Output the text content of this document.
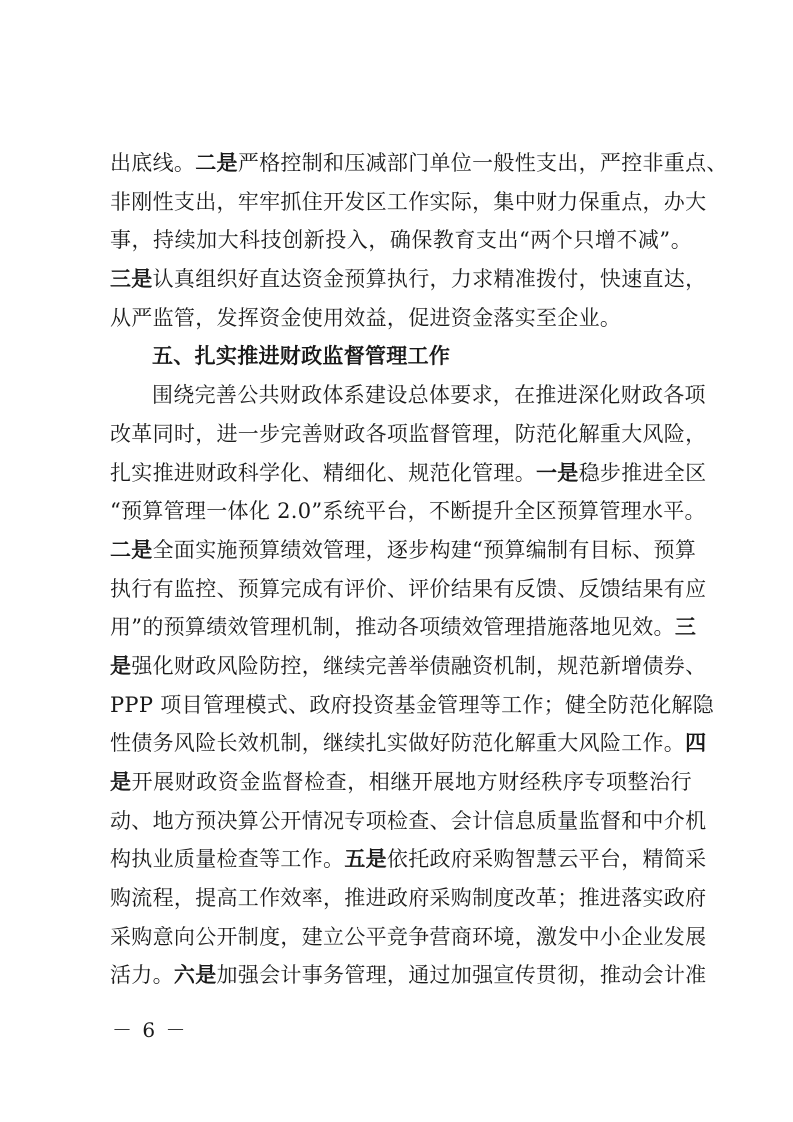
出底线。二是严格控制和压减部门单位一般性支出，严控非重点、
非刚性支出，牢牢抓住开发区工作实际，集中财力保重点，办大
事，持续加大科技创新投入，确保教育支出“两个只增不减”。
三是认真组织好直达资金预算执行，力求精准拨付，快速直达，
从严监管，发挥资金使用效益，促进资金落实至企业。
五、扎实推进财政监督管理工作
围绕完善公共财政体系建设总体要求，在推进深化财政各项
改革同时，进一步完善财政各项监督管理，防范化解重大风险，
扎实推进财政科学化、精细化、规范化管理。一是稳步推进全区
“预算管理一体化 2.0”系统平台，不断提升全区预算管理水平。
二是全面实施预算绩效管理，逐步构建“预算编制有目标、预算
执行有监控、预算完成有评价、评价结果有反馈、反馈结果有应
用”的预算绩效管理机制，推动各项绩效管理措施落地见效。三
是强化财政风险防控，继续完善举债融资机制，规范新增债券、
PPP 项目管理模式、政府投资基金管理等工作；健全防范化解隐
性债务风险长效机制，继续扎实做好防范化解重大风险工作。四
是开展财政资金监督检查，相继开展地方财经秩序专项整治行
动、地方预决算公开情况专项检查、会计信息质量监督和中介机
构执业质量检查等工作。五是依托政府采购智慧云平台，精简采
购流程，提高工作效率，推进政府采购制度改革；推进落实政府
采购意向公开制度，建立公平竞争营商环境，激发中小企业发展
活力。六是加强会计事务管理，通过加强宣传贯彻，推动会计准
－ 6 －
